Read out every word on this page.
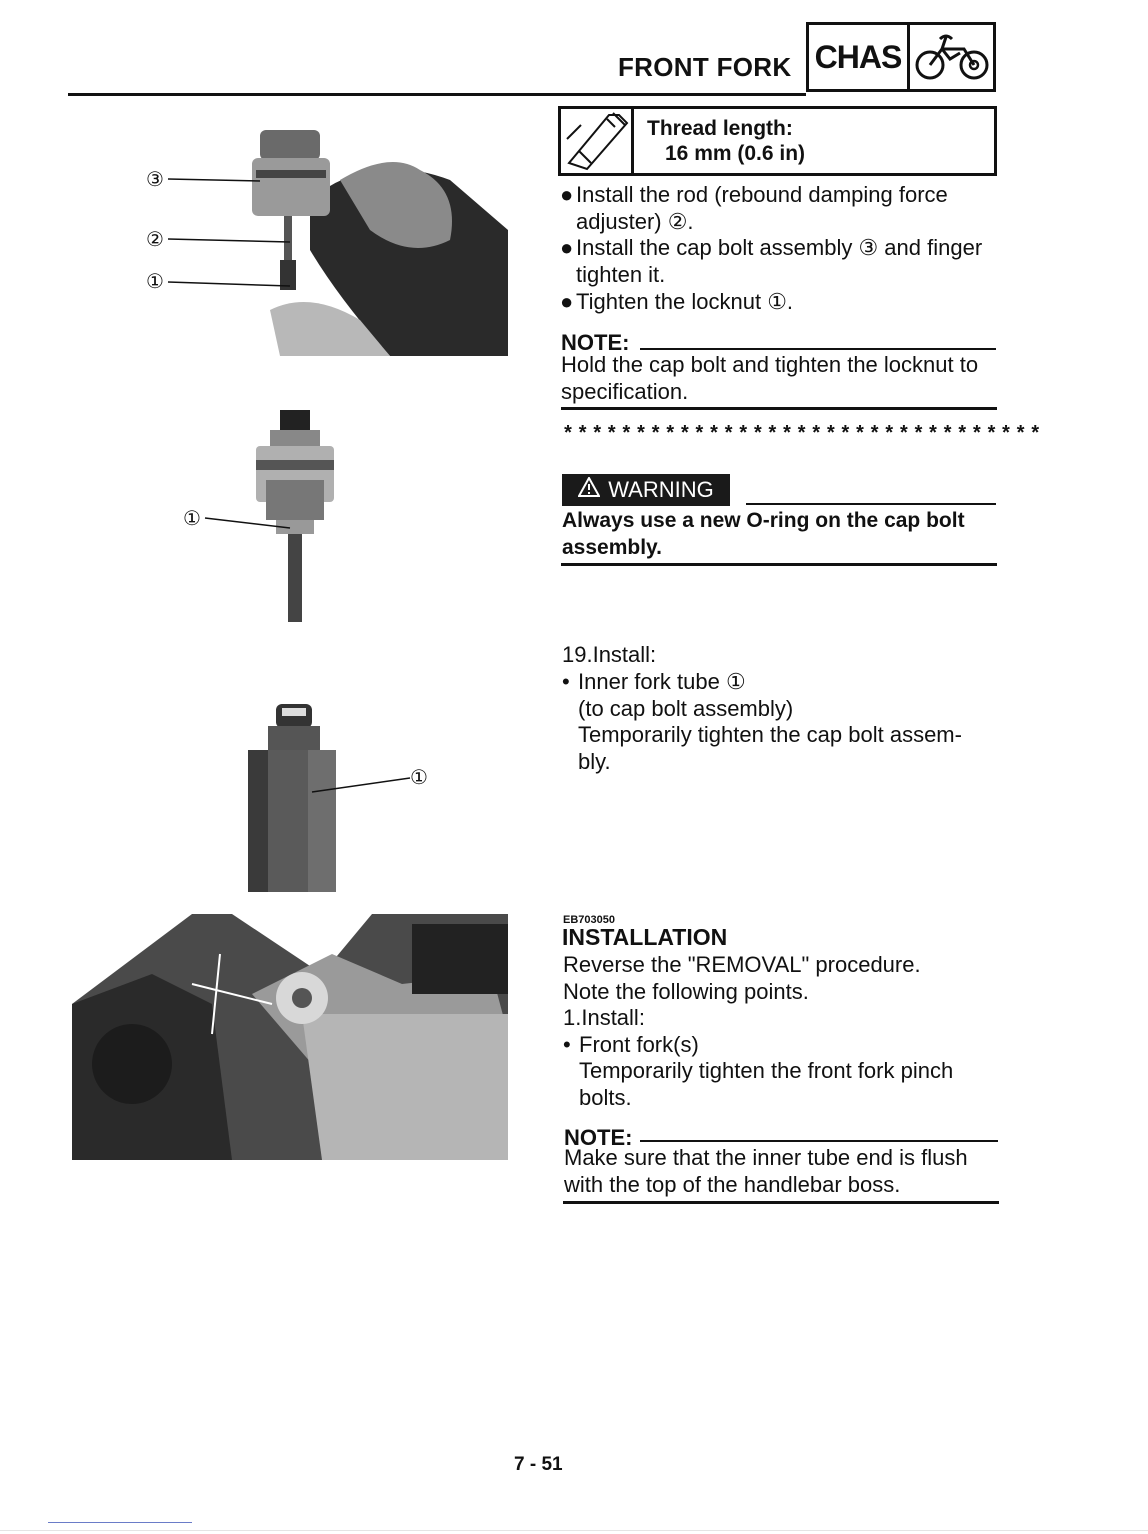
FRONT FORK CHAS
③
②
①
①
①
Thread length:
16 mm (0.6 in)
● Install the rod (rebound damping force
adjuster) ②.
● Install the cap bolt assembly ③ and finger
tighten it.
● Tighten the locknut ①.
NOTE:
Hold the cap bolt and tighten the locknut to
specification.
*********************************
WARNING
Always use a new O-ring on the cap bolt
assembly.
19.Install:
• Inner fork tube ①
(to cap bolt assembly)
Temporarily tighten the cap bolt assem-
bly.
EB703050
INSTALLATION
Reverse the "REMOVAL" procedure.
Note the following points.
1.Install:
• Front fork(s)
Temporarily tighten the front fork pinch
bolts.
NOTE:
Make sure that the inner tube end is flush
with the top of the handlebar boss.
7 - 51
